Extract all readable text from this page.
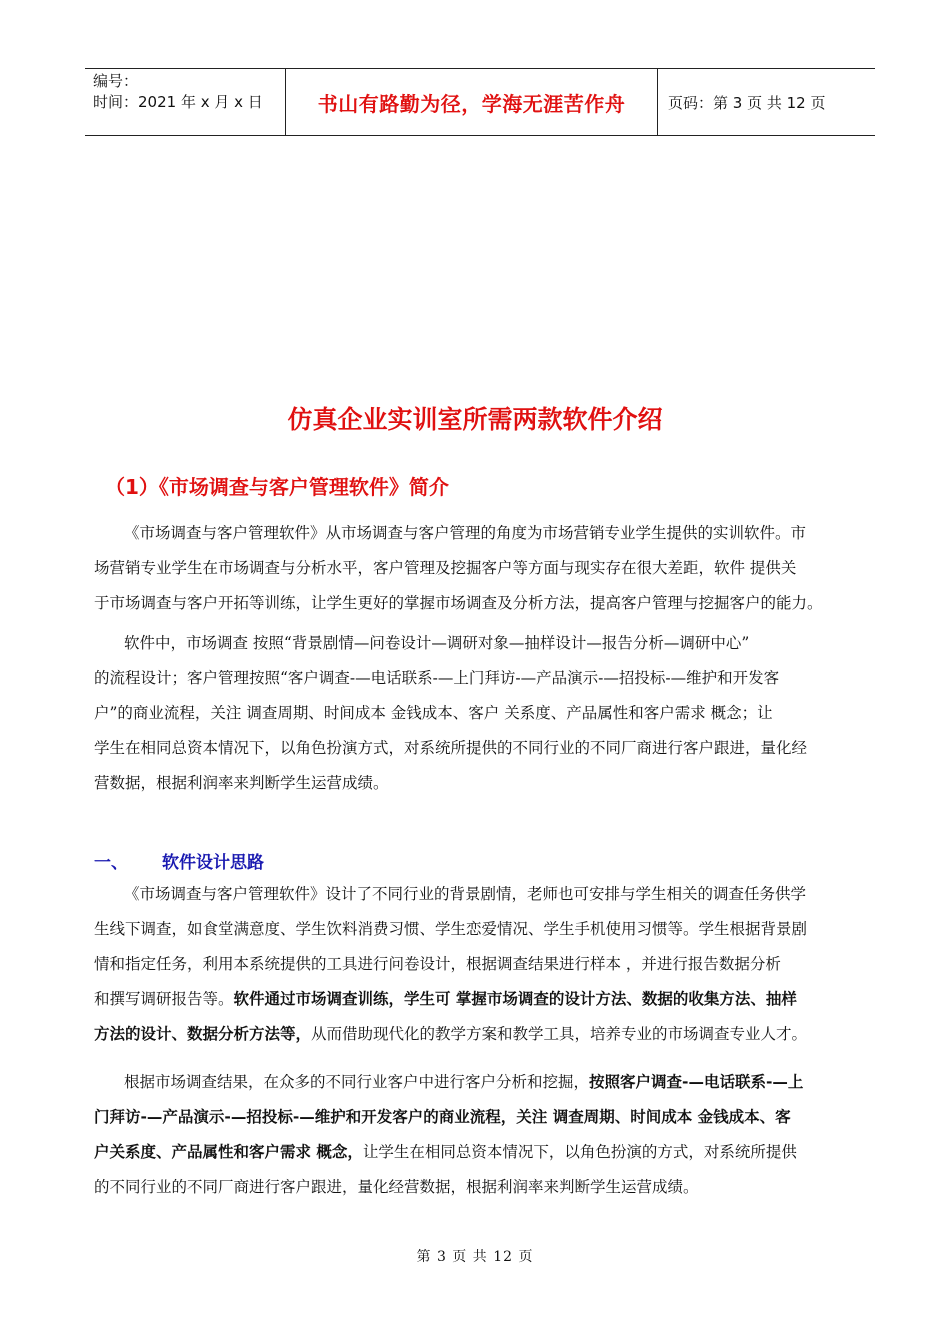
编号：
时间：2021 年 x 月 x 日	书山有路勤为径，学海无涯苦作舟	页码：第 3 页 共 12 页
仿真企业实训室所需两款软件介绍
（1）《市场调查与客户管理软件》简介

《市场调查与客户管理软件》从市场调查与客户管理的角度为市场营销专业学生提供的实训软件。市
场营销专业学生在市场调查与分析水平，客户管理及挖掘客户等方面与现实存在很大差距，软件 提供关
于市场调查与客户开拓等训练，让学生更好的掌握市场调查及分析方法，提高客户管理与挖掘客户的能力。

软件中，市场调查 按照“背景剧情—问卷设计—调研对象—抽样设计—报告分析—调研中心”
的流程设计；客户管理按照“客户调查-—电话联系-—上门拜访-—产品演示-—招投标-—维护和开发客
户”的商业流程，关注 调查周期、时间成本 金钱成本、客户 关系度、产品属性和客户需求 概念；让
学生在相同总资本情况下，以角色扮演方式，对系统所提供的不同行业的不同厂商进行客户跟进，量化经
营数据，根据利润率来判断学生运营成绩。

一、 软件设计思路

《市场调查与客户管理软件》设计了不同行业的背景剧情，老师也可安排与学生相关的调查任务供学
生线下调查，如食堂满意度、学生饮料消费习惯、学生恋爱情况、学生手机使用习惯等。学生根据背景剧
情和指定任务，利用本系统提供的工具进行问卷设计，根据调查结果进行样本 ，并进行报告数据分析
和撰写调研报告等。软件通过市场调查训练，学生可 掌握市场调查的设计方法、数据的收集方法、抽样
方法的设计、数据分析方法等，从而借助现代化的教学方案和教学工具，培养专业的市场调查专业人才。

根据市场调查结果，在众多的不同行业客户中进行客户分析和挖掘，按照客户调查-—电话联系-—上
门拜访-—产品演示-—招投标-—维护和开发客户的商业流程，关注 调查周期、时间成本 金钱成本、客
户关系度、产品属性和客户需求 概念，让学生在相同总资本情况下，以角色扮演的方式，对系统所提供
的不同行业的不同厂商进行客户跟进，量化经营数据，根据利润率来判断学生运营成绩。

第 3 页 共 12 页
